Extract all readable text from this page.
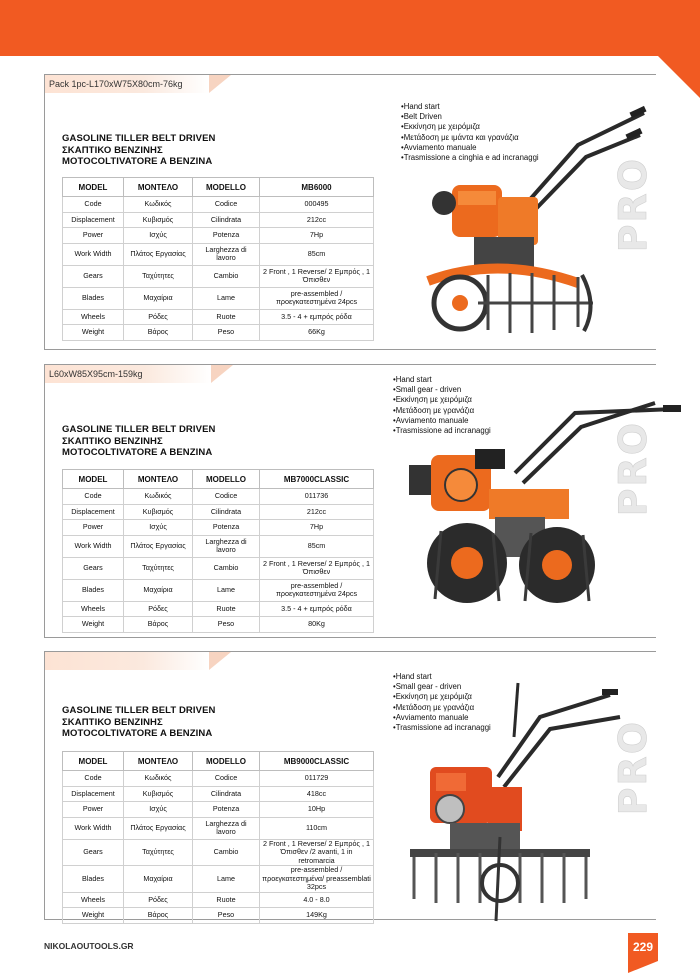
Pack 1pc-L170xW75X80cm-76kg
GASOLINE TILLER BELT DRIVEN
ΣΚΑΠΤΙΚΟ ΒΕΝΖΙΝΗΣ
MOTOCOLTIVATORE A BENZINA
MODEL	ΜΟΝΤΕΛΟ	MODELLO	MB6000
Code	Κωδικός	Codice	000495
Displacement	Κυβισμός	Cilindrata	212cc
Power	Ισχύς	Potenza	7Hp
Work Width	Πλάτος Εργασίας	Larghezza di lavoro	85cm
Gears	Ταχύτητες	Cambio	2 Front , 1 Reverse/ 2 Εμπρός , 1 Όπισθεν
Blades	Μαχαίρια	Lame	pre-assembled / προεγκατεστημένα 24pcs
Wheels	Ρόδες	Ruote	3.5 - 4 + εμπρός ρόδα
Weight	Βάρος	Peso	66Kg
• Hand start
• Belt Driven
• Εκκίνηση με χειρόμιζα
• Μετάδοση με ιμάντα και γρανάζια
• Avviamento manuale
• Trasmissione a cinghia e ad incranaggi	PRO
L60xW85X95cm-159kg
GASOLINE TILLER BELT DRIVEN
ΣΚΑΠΤΙΚΟ ΒΕΝΖΙΝΗΣ
MOTOCOLTIVATORE A BENZINA
MODEL	ΜΟΝΤΕΛΟ	MODELLO	MB7000CLASSIC
Code	Κωδικός	Codice	011736
Displacement	Κυβισμός	Cilindrata	212cc
Power	Ισχύς	Potenza	7Hp
Work Width	Πλάτος Εργασίας	Larghezza di lavoro	85cm
Gears	Ταχύτητες	Cambio	2 Front , 1 Reverse/ 2 Εμπρός , 1 Όπισθεν
Blades	Μαχαίρια	Lame	pre-assembled / προεγκατεστημένα 24pcs
Wheels	Ρόδες	Ruote	3.5 - 4 + εμπρός ρόδα
Weight	Βάρος	Peso	80Kg
• Hand start
• Small gear - driven
• Εκκίνηση με χειρόμιζα
• Μετάδοση με γρανάζια
• Avviamento manuale
• Trasmissione ad incranaggi	PRO
GASOLINE TILLER BELT DRIVEN
ΣΚΑΠΤΙΚΟ ΒΕΝΖΙΝΗΣ
MOTOCOLTIVATORE A BENZINA
MODEL	ΜΟΝΤΕΛΟ	MODELLO	MB9000CLASSIC
Code	Κωδικός	Codice	011729
Displacement	Κυβισμός	Cilindrata	418cc
Power	Ισχύς	Potenza	10Hp
Work Width	Πλάτος Εργασίας	Larghezza di lavoro	110cm
Gears	Ταχύτητες	Cambio	2 Front , 1 Reverse/ 2 Εμπρός , 1 Όπισθεν /2 avanti, 1 in retromarcia
Blades	Μαχαίρια	Lame	pre-assembled / προεγκατεστημένα/ preassemblati 32pcs
Wheels	Ρόδες	Ruote	4.0 - 8.0
Weight	Βάρος	Peso	149Kg
• Hand start
• Small gear - driven
• Εκκίνηση με χειρόμιζα
• Μετάδοση με γρανάζια
• Avviamento manuale
• Trasmissione ad incranaggi	PRO
NIKOLAOUTOOLS.GR	229
